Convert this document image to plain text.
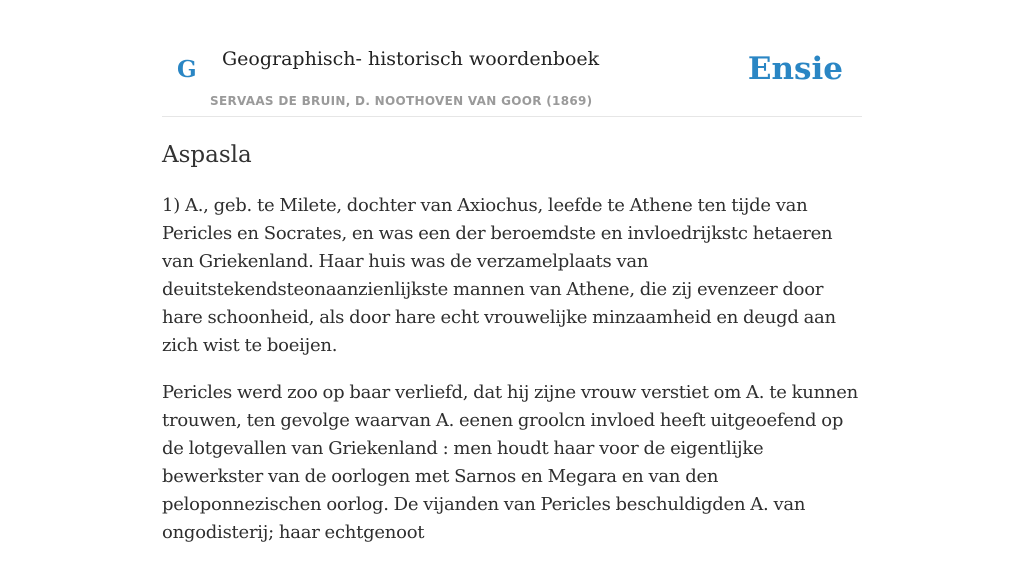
G Geographisch- historisch woordenboek
SERVAAS DE BRUIN, D. NOOTHOVEN VAN GOOR (1869)
Ensie
Aspasla

1) A., geb. te Milete, dochter van Axiochus, leefde te Athene ten tijde van Pericles en Socrates, en was een der beroemdste en invloedrijkstc hetaeren van Griekenland. Haar huis was de verzamelplaats van deuitstekendsteonaanzienlijkste mannen van Athene, die zij evenzeer door hare schoonheid, als door hare echt vrouwelijke minzaamheid en deugd aan zich wist te boeijen.

Pericles werd zoo op baar verliefd, dat hij zijne vrouw verstiet om A. te kunnen trouwen, ten gevolge waarvan A. eenen groolcn invloed heeft uitgeoefend op de lotgevallen van Griekenland : men houdt haar voor de eigentlijke bewerkster van de oorlogen met Sarnos en Megara en van den peloponnezischen oorlog. De vijanden van Pericles beschuldigden A. van ongodisterij; haar echtgenoot
